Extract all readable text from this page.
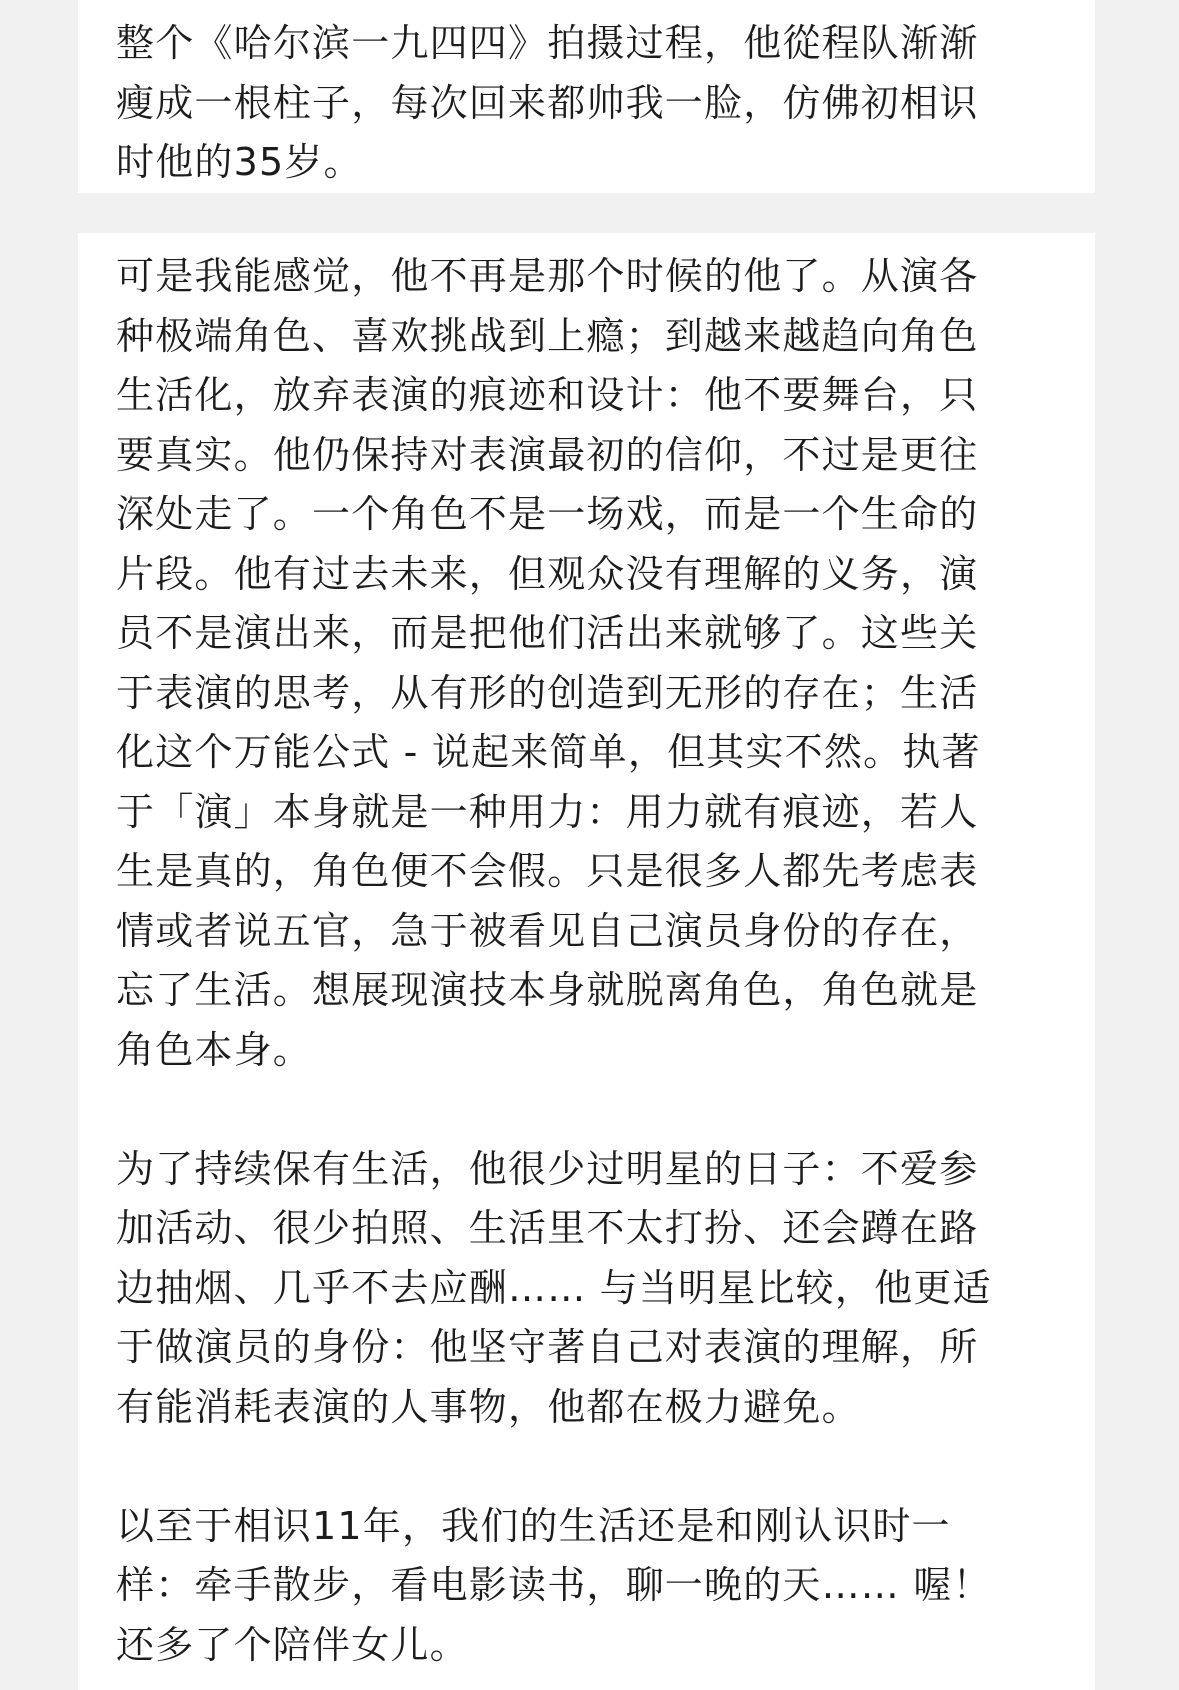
整个《哈尔滨一九四四》拍摄过程，他從程队渐渐
瘦成一根柱子，每次回来都帅我一脸，仿佛初相识
时他的35岁。
可是我能感觉，他不再是那个时候的他了。从演各
种极端角色、喜欢挑战到上瘾；到越来越趋向角色
生活化，放弃表演的痕迹和设计：他不要舞台，只
要真实。他仍保持对表演最初的信仰，不过是更往
深处走了。一个角色不是一场戏，而是一个生命的
片段。他有过去未来，但观众没有理解的义务，演
员不是演出来，而是把他们活出来就够了。这些关
于表演的思考，从有形的创造到无形的存在；生活
化这个万能公式 - 说起来简单，但其实不然。执著
于「演」本身就是一种用力：用力就有痕迹，若人
生是真的，角色便不会假。只是很多人都先考虑表
情或者说五官，急于被看见自己演员身份的存在，
忘了生活。想展现演技本身就脱离角色，角色就是
角色本身。
为了持续保有生活，他很少过明星的日子：不爱参
加活动、很少拍照、生活里不太打扮、还会蹲在路
边抽烟、几乎不去应酬…… 与当明星比较，他更适
于做演员的身份：他坚守著自己对表演的理解，所
有能消耗表演的人事物，他都在极力避免。
以至于相识11年，我们的生活还是和刚认识时一
样：牵手散步，看电影读书，聊一晚的天…… 喔！
还多了个陪伴女儿。
